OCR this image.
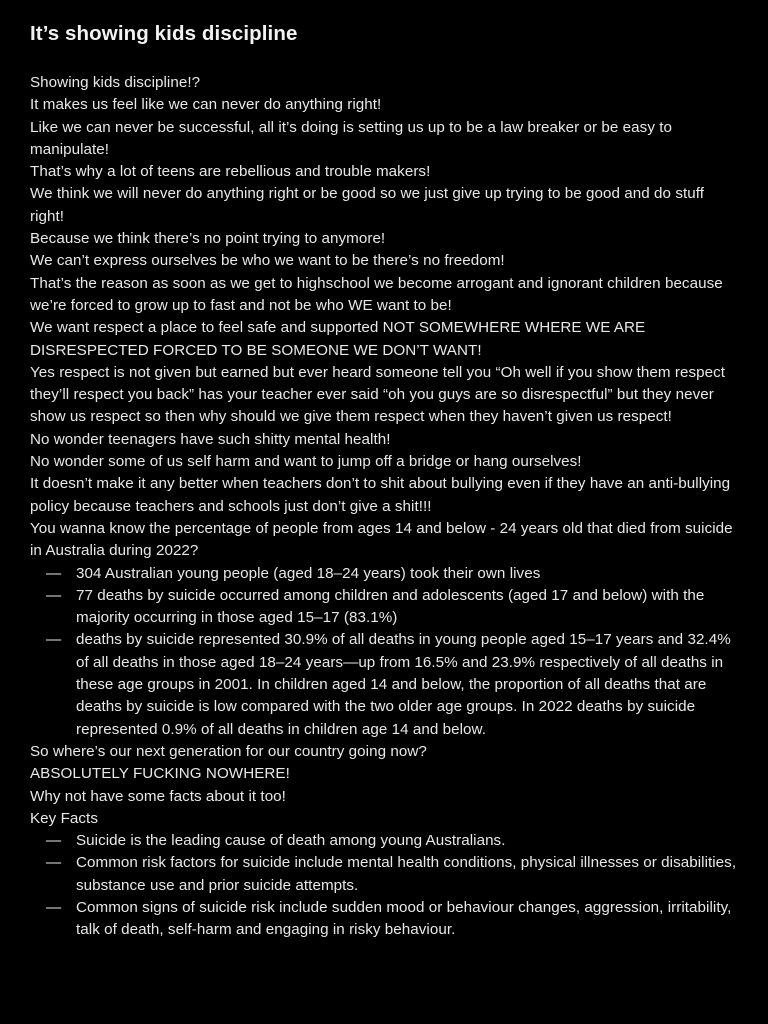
It’s showing kids discipline
Showing kids discipline!?
It makes us feel like we can never do anything right!
Like we can never be successful, all it’s doing is setting us up to be a law breaker or be easy to manipulate!
That’s why a lot of teens are rebellious and trouble makers!
We think we will never do anything right or be good so we just give up trying to be good and do stuff right!
Because we think there’s no point trying to anymore!
We can’t express ourselves be who we want to be there’s no freedom!
That’s the reason as soon as we get to highschool we become arrogant and ignorant children because we’re forced to grow up to fast and not be who WE want to be!
We want respect a place to feel safe and supported NOT SOMEWHERE WHERE WE ARE DISRESPECTED FORCED TO BE SOMEONE WE DON’T WANT!
Yes respect is not given but earned but ever heard someone tell you “Oh well if you show them respect they’ll respect you back” has your teacher ever said “oh you guys are so disrespectful” but they never show us respect so then why should we give them respect when they haven’t given us respect!
No wonder teenagers have such shitty mental health!
No wonder some of us self harm and want to jump off a bridge or hang ourselves!
It doesn’t make it any better when teachers don’t to shit about bullying even if they have an anti-bullying policy because teachers and schools just don’t give a shit!!!
You wanna know the percentage of people from ages 14 and below - 24 years old that died from suicide in Australia during 2022?
— 304 Australian young people (aged 18–24 years) took their own lives
— 77 deaths by suicide occurred among children and adolescents (aged 17 and below) with the majority occurring in those aged 15–17 (83.1%)
— deaths by suicide represented 30.9% of all deaths in young people aged 15–17 years and 32.4% of all deaths in those aged 18–24 years—up from 16.5% and 23.9% respectively of all deaths in these age groups in 2001. In children aged 14 and below, the proportion of all deaths that are deaths by suicide is low compared with the two older age groups. In 2022 deaths by suicide represented 0.9% of all deaths in children age 14 and below.
So where’s our next generation for our country going now?
ABSOLUTELY FUCKING NOWHERE!
Why not have some facts about it too!
Key Facts
— Suicide is the leading cause of death among young Australians.
— Common risk factors for suicide include mental health conditions, physical illnesses or disabilities, substance use and prior suicide attempts.
— Common signs of suicide risk include sudden mood or behaviour changes, aggression, irritability, talk of death, self-harm and engaging in risky behaviour.
